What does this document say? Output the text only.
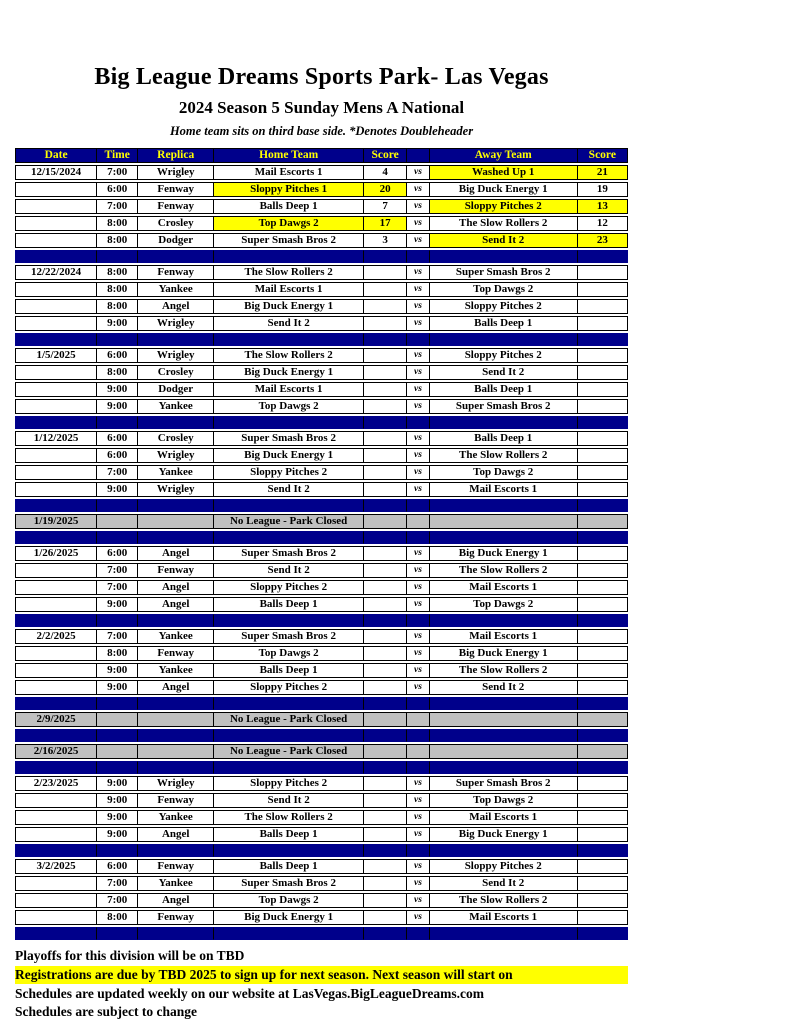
Big League Dreams Sports Park- Las Vegas
2024 Season 5 Sunday Mens A National
Home team sits on third base side. *Denotes Doubleheader
Date	Time	Replica	Home Team	Score		Away Team	Score
12/15/2024	7:00	Wrigley	Mail Escorts 1	4	vs	Washed Up 1	21
	6:00	Fenway	Sloppy Pitches 1	20	vs	Big Duck Energy 1	19
	7:00	Fenway	Balls Deep 1	7	vs	Sloppy Pitches 2	13
	8:00	Crosley	Top Dawgs 2	17	vs	The Slow Rollers 2	12
	8:00	Dodger	Super Smash Bros 2	3	vs	Send It 2	23

12/22/2024	8:00	Fenway	The Slow Rollers 2		vs	Super Smash Bros 2	
	8:00	Yankee	Mail Escorts 1		vs	Top Dawgs 2	
	8:00	Angel	Big Duck Energy 1		vs	Sloppy Pitches 2	
	9:00	Wrigley	Send It 2		vs	Balls Deep 1	

1/5/2025	6:00	Wrigley	The Slow Rollers 2		vs	Sloppy Pitches 2	
	8:00	Crosley	Big Duck Energy 1		vs	Send It 2	
	9:00	Dodger	Mail Escorts 1		vs	Balls Deep 1	
	9:00	Yankee	Top Dawgs 2		vs	Super Smash Bros 2	

1/12/2025	6:00	Crosley	Super Smash Bros 2		vs	Balls Deep 1	
	6:00	Wrigley	Big Duck Energy 1		vs	The Slow Rollers 2	
	7:00	Yankee	Sloppy Pitches 2		vs	Top Dawgs 2	
	9:00	Wrigley	Send It 2		vs	Mail Escorts 1	

1/19/2025			No League - Park Closed				

1/26/2025	6:00	Angel	Super Smash Bros 2		vs	Big Duck Energy 1	
	7:00	Fenway	Send It 2		vs	The Slow Rollers 2	
	7:00	Angel	Sloppy Pitches 2		vs	Mail Escorts 1	
	9:00	Angel	Balls Deep 1		vs	Top Dawgs 2	

2/2/2025	7:00	Yankee	Super Smash Bros 2		vs	Mail Escorts 1	
	8:00	Fenway	Top Dawgs 2		vs	Big Duck Energy 1	
	9:00	Yankee	Balls Deep 1		vs	The Slow Rollers 2	
	9:00	Angel	Sloppy Pitches 2		vs	Send It 2	

2/9/2025			No League - Park Closed				

2/16/2025			No League - Park Closed				

2/23/2025	9:00	Wrigley	Sloppy Pitches 2		vs	Super Smash Bros 2	
	9:00	Fenway	Send It 2		vs	Top Dawgs 2	
	9:00	Yankee	The Slow Rollers 2		vs	Mail Escorts 1	
	9:00	Angel	Balls Deep 1		vs	Big Duck Energy 1	

3/2/2025	6:00	Fenway	Balls Deep 1		vs	Sloppy Pitches 2	
	7:00	Yankee	Super Smash Bros 2		vs	Send It 2	
	7:00	Angel	Top Dawgs 2		vs	The Slow Rollers 2	
	8:00	Fenway	Big Duck Energy 1		vs	Mail Escorts 1	

Playoffs for this division will be on TBD
Registrations are due by TBD 2025 to sign up for next season. Next season will start on
Schedules are updated weekly on our website at LasVegas.BigLeagueDreams.com
Schedules are subject to change
